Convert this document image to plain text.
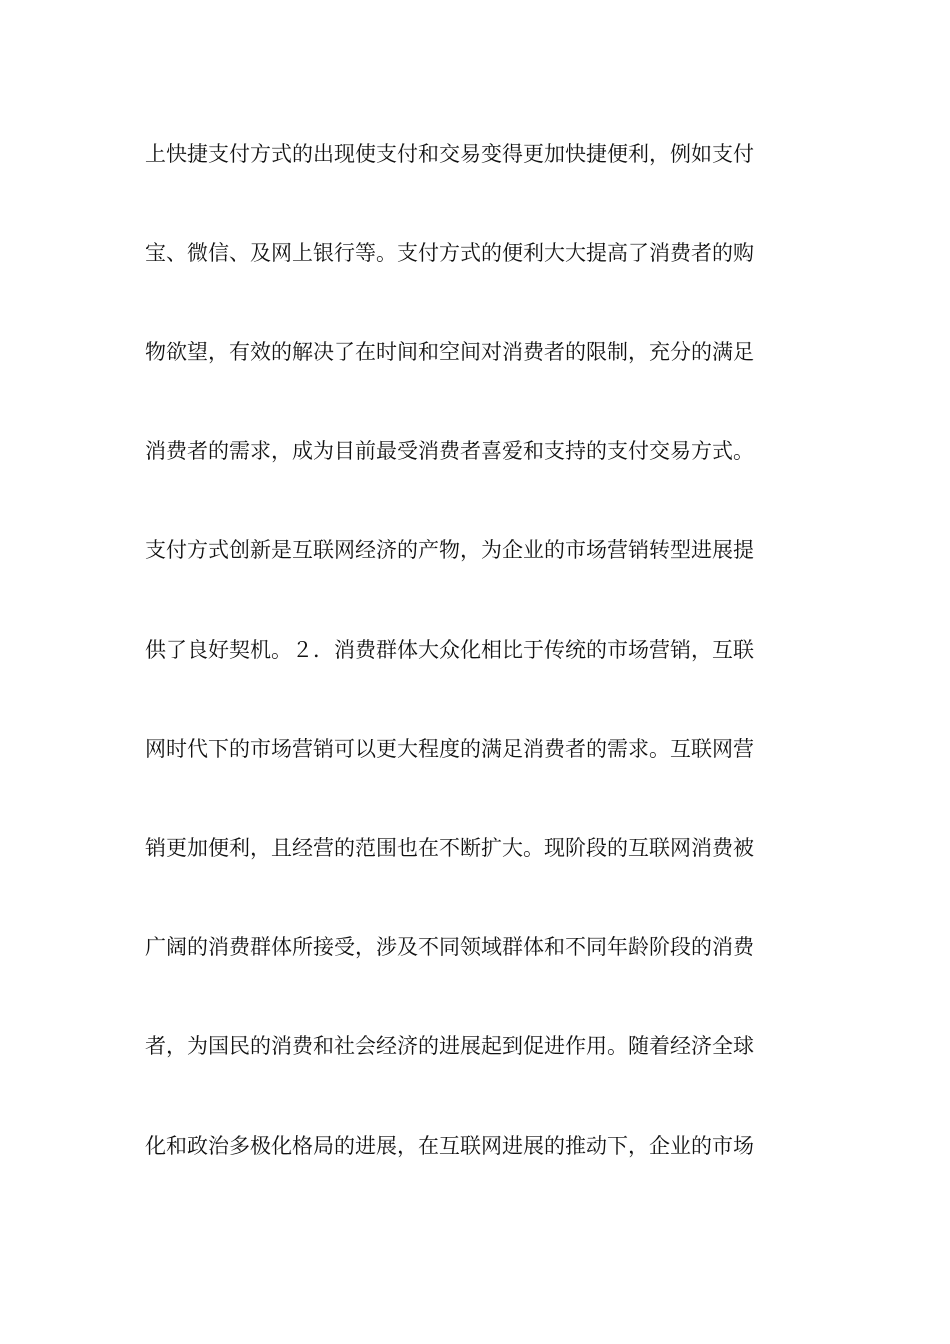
上快捷支付方式的出现使支付和交易变得更加快捷便利，例如支付
宝、微信、及网上银行等。支付方式的便利大大提高了消费者的购
物欲望，有效的解决了在时间和空间对消费者的限制，充分的满足
消费者的需求，成为目前最受消费者喜爱和支持的支付交易方式。
支付方式创新是互联网经济的产物，为企业的市场营销转型进展提
供了良好契机。２．消费群体大众化相比于传统的市场营销，互联
网时代下的市场营销可以更大程度的满足消费者的需求。互联网营
销更加便利，且经营的范围也在不断扩大。现阶段的互联网消费被
广阔的消费群体所接受，涉及不同领域群体和不同年龄阶段的消费
者，为国民的消费和社会经济的进展起到促进作用。随着经济全球
化和政治多极化格局的进展，在互联网进展的推动下，企业的市场
